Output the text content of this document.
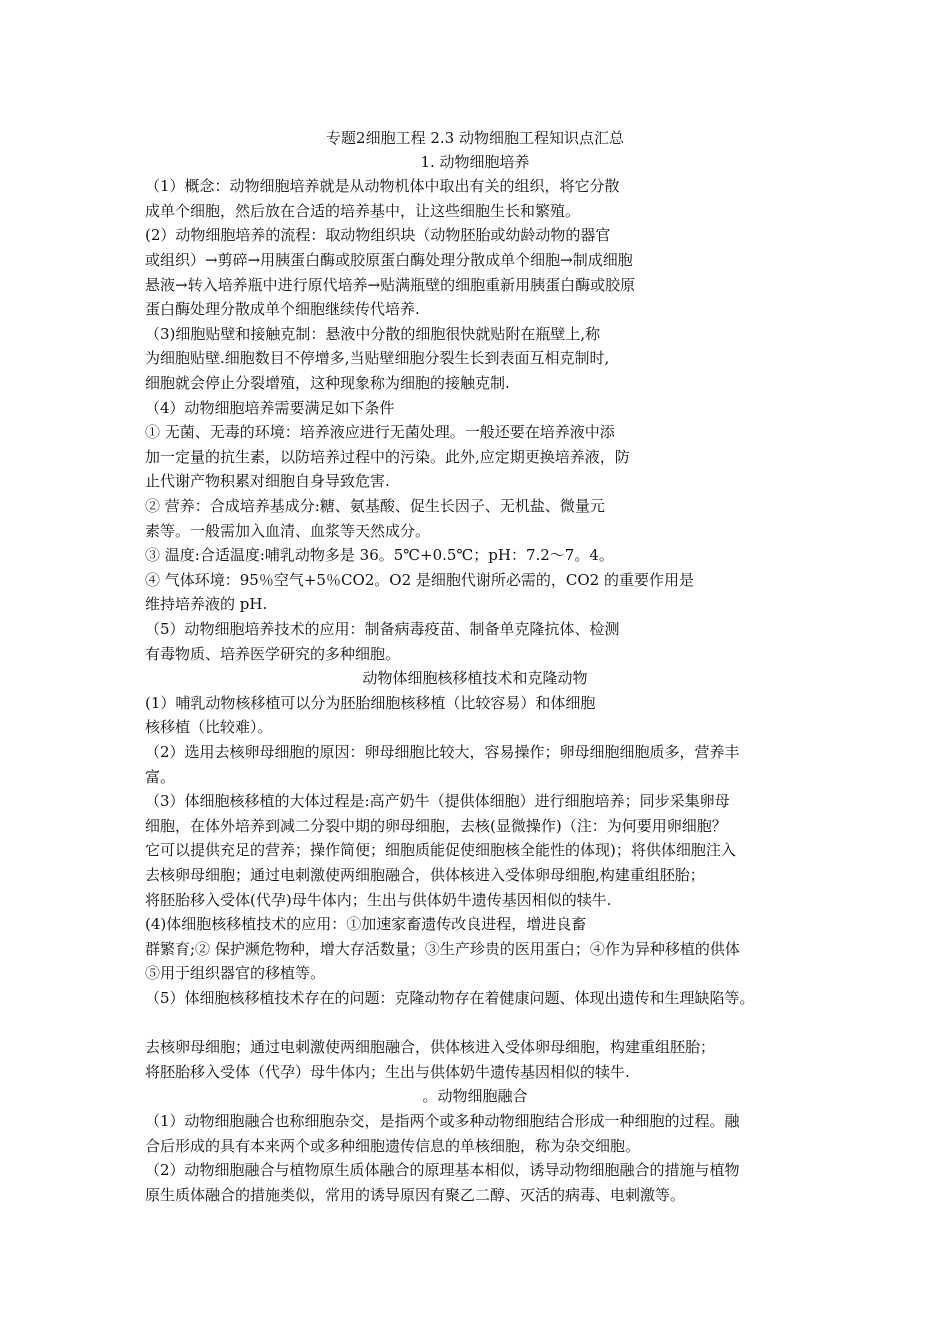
专题2细胞工程 2.3 动物细胞工程知识点汇总
1. 动物细胞培养
（1）概念：动物细胞培养就是从动物机体中取出有关的组织，将它分散
成单个细胞，然后放在合适的培养基中，让这些细胞生长和繁殖。
(2）动物细胞培养的流程：取动物组织块（动物胚胎或幼龄动物的器官
或组织）→剪碎→用胰蛋白酶或胶原蛋白酶处理分散成单个细胞→制成细胞
悬液→转入培养瓶中进行原代培养→贴满瓶壁的细胞重新用胰蛋白酶或胶原
蛋白酶处理分散成单个细胞继续传代培养.
（3)细胞贴壁和接触克制：悬液中分散的细胞很快就贴附在瓶壁上,称
为细胞贴壁.细胞数目不停增多,当贴壁细胞分裂生长到表面互相克制时,
细胞就会停止分裂增殖，这种现象称为细胞的接触克制.
（4）动物细胞培养需要满足如下条件
① 无菌、无毒的环境：培养液应进行无菌处理。一般还要在培养液中添
加一定量的抗生素，以防培养过程中的污染。此外,应定期更换培养液，防
止代谢产物积累对细胞自身导致危害.
② 营养：合成培养基成分:糖、氨基酸、促生长因子、无机盐、微量元
素等。一般需加入血清、血浆等天然成分。
③ 温度:合适温度:哺乳动物多是 36。5℃+0.5℃；pH：7.2～7。4。
④ 气体环境：95％空气+5％CO2。O2 是细胞代谢所必需的，CO2 的重要作用是
维持培养液的 pH.
（5）动物细胞培养技术的应用：制备病毒疫苗、制备单克隆抗体、检测
有毒物质、培养医学研究的多种细胞。
动物体细胞核移植技术和克隆动物
(1）哺乳动物核移植可以分为胚胎细胞核移植（比较容易）和体细胞
核移植（比较难）。
（2）选用去核卵母细胞的原因：卵母细胞比较大，容易操作；卵母细胞细胞质多，营养丰
富。
（3）体细胞核移植的大体过程是:高产奶牛（提供体细胞）进行细胞培养；同步采集卵母
细胞，在体外培养到减二分裂中期的卵母细胞，去核(显微操作)（注：为何要用卵细胞？
它可以提供充足的营养；操作简便；细胞质能促使细胞核全能性的体现)；将供体细胞注入
去核卵母细胞；通过电刺激使两细胞融合，供体核进入受体卵母细胞,构建重组胚胎；
将胚胎移入受体(代孕)母牛体内；生出与供体奶牛遗传基因相似的犊牛.
(4)体细胞核移植技术的应用：①加速家畜遗传改良进程，增进良畜
群繁育;② 保护濒危物种，增大存活数量；③生产珍贵的医用蛋白；④作为异种移植的供体
⑤用于组织器官的移植等。
（5）体细胞核移植技术存在的问题：克隆动物存在着健康问题、体现出遗传和生理缺陷等。
去核卵母细胞；通过电刺激使两细胞融合，供体核进入受体卵母细胞，构建重组胚胎；
将胚胎移入受体（代孕）母牛体内；生出与供体奶牛遗传基因相似的犊牛.
。动物细胞融合
（1）动物细胞融合也称细胞杂交，是指两个或多种动物细胞结合形成一种细胞的过程。融
合后形成的具有本来两个或多种细胞遗传信息的单核细胞，称为杂交细胞。
（2）动物细胞融合与植物原生质体融合的原理基本相似，诱导动物细胞融合的措施与植物
原生质体融合的措施类似，常用的诱导原因有聚乙二醇、灭活的病毒、电刺激等。
